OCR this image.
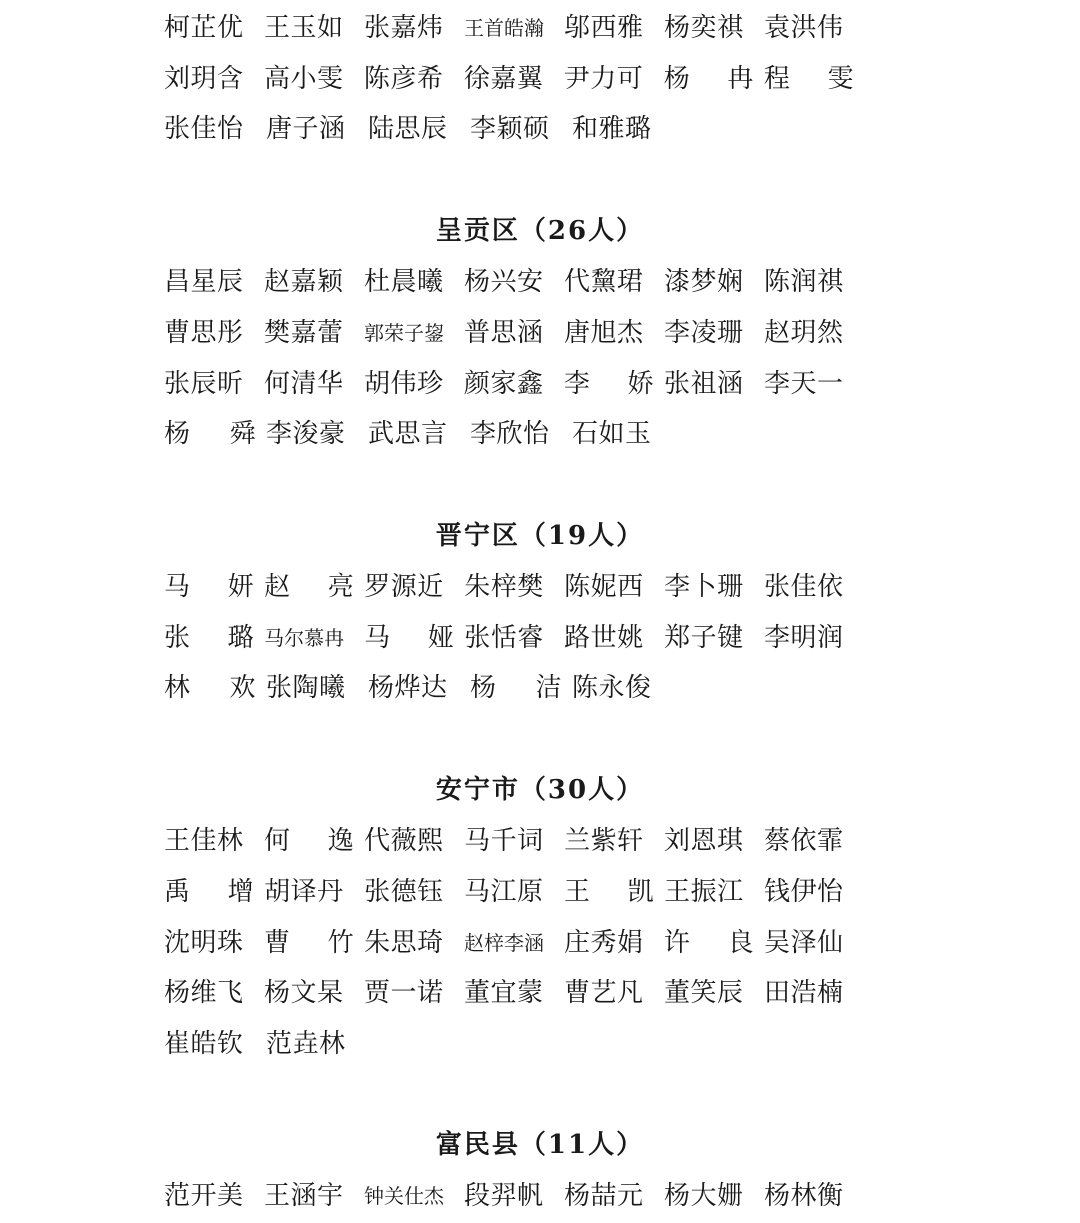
柯芷优 王玉如 张嘉炜	王首皓瀚 邬西雅 杨奕祺 袁洪伟
刘玥含 高小雯 陈彦希 徐嘉翼 尹力可 杨 冉 程 雯
张佳怡 唐子涵 陆思辰 李颖硕 和雅璐
呈贡区（26人）
昌星辰 赵嘉颖 杜晨曦 杨兴安 代黧珺 漆梦娴 陈润祺
曹思彤 樊嘉蕾	郭荣子鋆 普思涵 唐旭杰 李凌珊 赵玥然
张辰昕 何清华 胡伟珍 颜家鑫 李 娇 张祖涵 李天一
杨 舜 李浚豪 武思言 李欣怡 石如玉
晋宁区（19人）
马 妍 赵 亮 罗源近 朱梓樊 陈妮西 李卜珊 张佳依
张 璐 马尔慕冉 马 娅 张恬睿 路世姚 郑子键 李明润
林 欢 张陶曦 杨烨达 杨 洁 陈永俊
安宁市（30人）
王佳林 何 逸 代薇熙 马千词 兰紫轩 刘恩琪 蔡依霏
禹 增 胡译丹 张德钰 马江原 王 凯 王振江 钱伊怡
沈明珠 曹 竹 朱思琦	赵梓李涵 庄秀娟 许 良 吴泽仙
杨维飞 杨文杲 贾一诺 董宜蒙 曹艺凡 董笑辰 田浩楠
崔皓钦 范垚林
富民县（11人）
范开美 王涵宇	钟关仕杰 段羿帆 杨喆元 杨大姗 杨林衡
